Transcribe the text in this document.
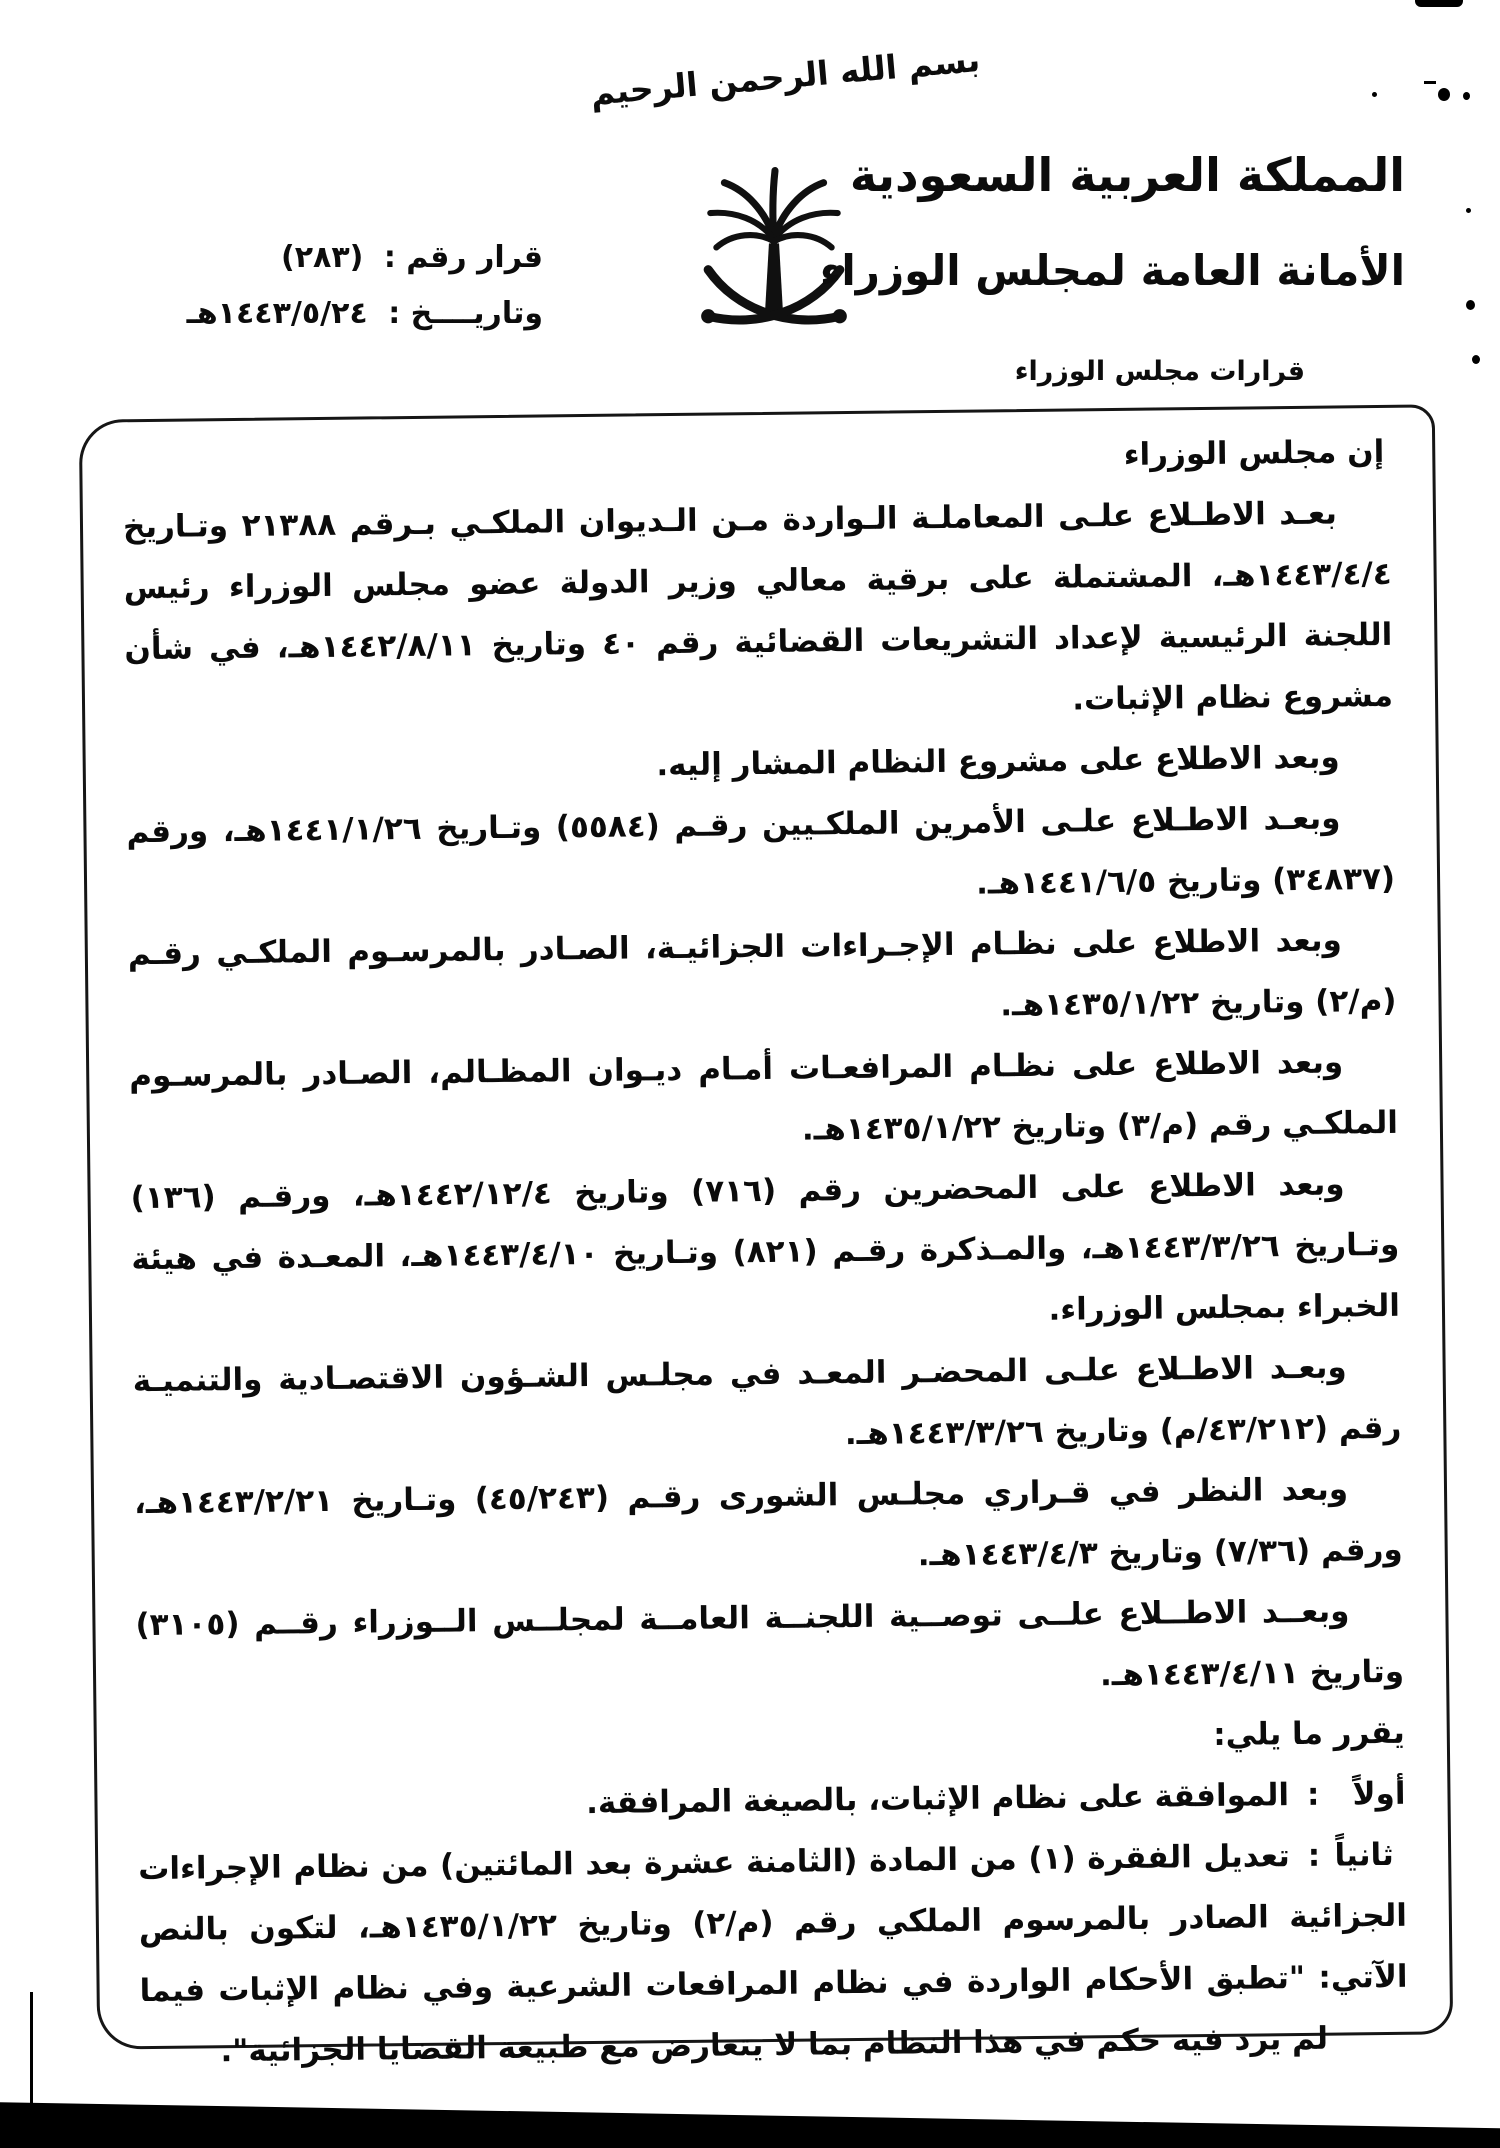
بسم الله الرحمن الرحيم
قرار رقم : (٢٨٣)
وتاريــــخ : ١٤٤٣/٥/٢٤هـ
المملكة العربية السعودية
الأمانة العامة لمجلس الوزراء
قرارات مجلس الوزراء
إن مجلس الوزراء
بعـد الاطـلاع علـى المعاملـة الـواردة مـن الـديوان الملكـي بـرقم ٢١٣٨٨ وتـاريخ ١٤٤٣/٤/٤هـ، المشتملة على برقية معالي وزير الدولة عضو مجلس الوزراء رئيس اللجنة الرئيسية لإعداد التشريعات القضائية رقم ٤٠ وتاريخ ١٤٤٢/٨/١١هـ، في شأن مشروع نظام الإثبات.
وبعد الاطلاع على مشروع النظام المشار إليه.
وبعـد الاطـلاع علـى الأمرين الملكـيين رقـم (٥٥٨٤) وتـاريخ ١٤٤١/١/٢٦هـ، ورقم (٣٤٨٣٧) وتاريخ ١٤٤١/٦/٥هـ.
وبعد الاطلاع على نظـام الإجـراءات الجزائيـة، الصـادر بالمرسـوم الملكـي رقـم (م/٢) وتاريخ ١٤٣٥/١/٢٢هـ.
وبعد الاطلاع على نظـام المرافعـات أمـام ديـوان المظـالم، الصـادر بالمرسـوم الملكـي رقم (م/٣) وتاريخ ١٤٣٥/١/٢٢هـ.
وبعد الاطلاع على المحضرين رقم (٧١٦) وتاريخ ١٤٤٢/١٢/٤هـ، ورقـم (١٣٦) وتـاريخ ١٤٤٣/٣/٢٦هـ، والمـذكرة رقـم (٨٢١) وتـاريخ ١٤٤٣/٤/١٠هـ، المعـدة في هيئة الخبراء بمجلس الوزراء.
وبعـد الاطـلاع علـى المحضـر المعـد في مجلـس الشـؤون الاقتصـادية والتنميـة رقم (⁦٤٣/٢١٢/م⁩) وتاريخ ١٤٤٣/٣/٢٦هـ.
وبعد النظر في قـراري مجلـس الشورى رقـم (٤٥/٢٤٣) وتـاريخ ١٤٤٣/٢/٢١هـ، ورقم (٧/٣٦) وتاريخ ١٤٤٣/٤/٣هـ.
وبعــد الاطــلاع علــى توصــية اللجنــة العامــة لمجلــس الــوزراء رقــم (٣١٠٥) وتاريخ ١٤٤٣/٤/١١هـ.
يقرر ما يلي:
أولاً:الموافقة على نظام الإثبات، بالصيغة المرافقة.
ثانياً:تعديل الفقرة (١) من المادة (الثامنة عشرة بعد المائتين) من نظام الإجراءات الجزائية الصادر بالمرسوم الملكي رقم (م/٢) وتاريخ ١٤٣٥/١/٢٢هـ، لتكون بالنص الآتي: "تطبق الأحكام الواردة في نظام المرافعات الشرعية وفي نظام الإثبات فيما لم يرد فيه حكم في هذا النظام بما لا يتعارض مع طبيعة القضايا الجزائية".
